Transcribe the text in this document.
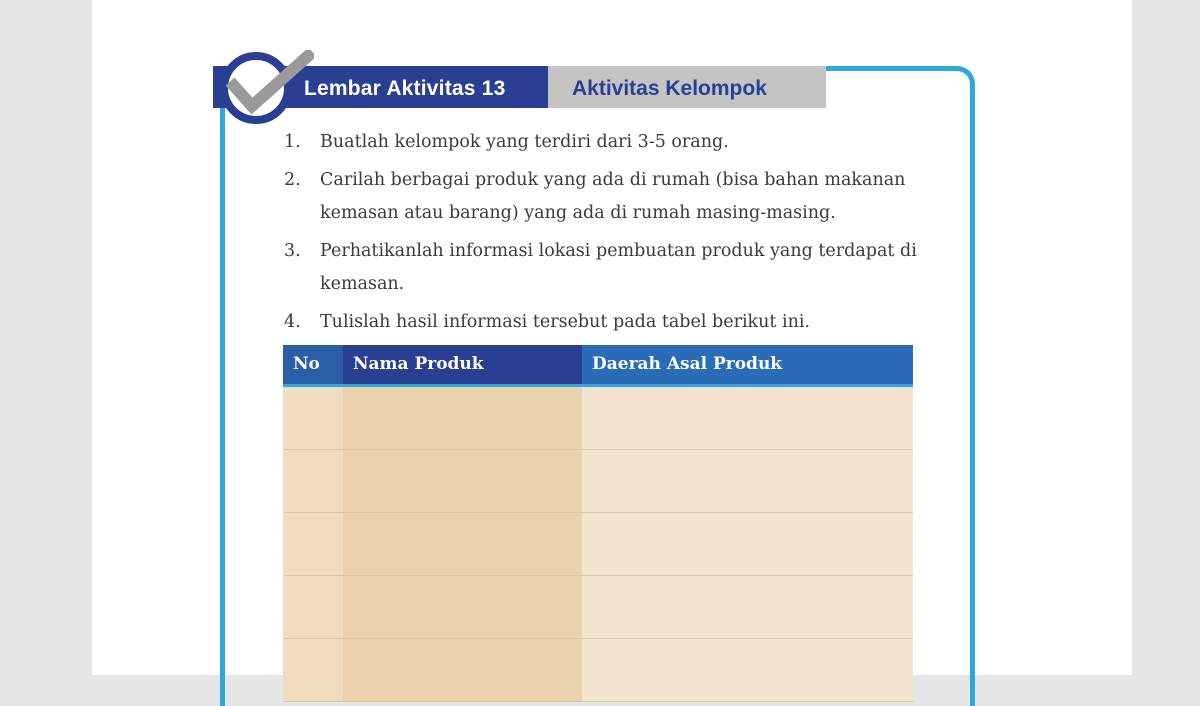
Lembar Aktivitas 13	Aktivitas Kelompok
1. Buatlah kelompok yang terdiri dari 3-5 orang.
2. Carilah berbagai produk yang ada di rumah (bisa bahan makanan kemasan atau barang) yang ada di rumah masing-masing.
3. Perhatikanlah informasi lokasi pembuatan produk yang terdapat di kemasan.
4. Tulislah hasil informasi tersebut pada tabel berikut ini.
No	Nama Produk	Daerah Asal Produk
